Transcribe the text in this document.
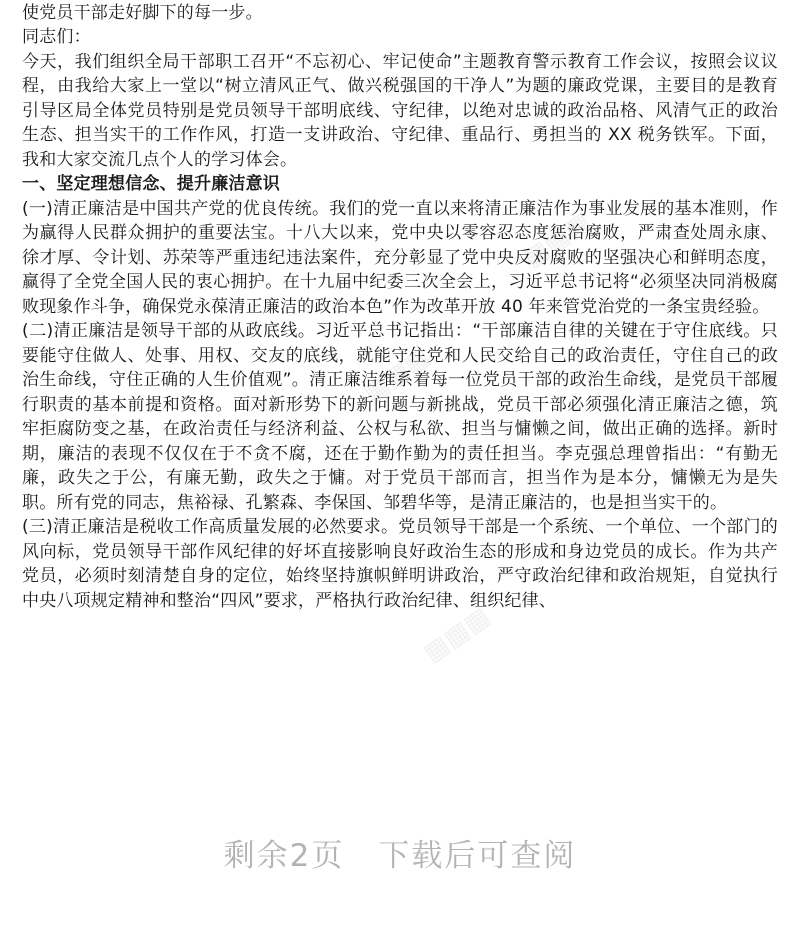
使党员干部走好脚下的每一步。

同志们：

今天，我们组织全局干部职工召开“不忘初心、牢记使命”主题教育警示教育工作会议，按照会议议程，由我给大家上一堂以“树立清风正气、做兴税强国的干净人”为题的廉政党课，主要目的是教育引导区局全体党员特别是党员领导干部明底线、守纪律，以绝对忠诚的政治品格、风清气正的政治生态、担当实干的工作作风，打造一支讲政治、守纪律、重品行、勇担当的 XX 税务铁军。下面，我和大家交流几点个人的学习体会。

一、坚定理想信念、提升廉洁意识

(一)清正廉洁是中国共产党的优良传统。我们的党一直以来将清正廉洁作为事业发展的基本准则，作为赢得人民群众拥护的重要法宝。十八大以来，党中央以零容忍态度惩治腐败，严肃查处周永康、徐才厚、令计划、苏荣等严重违纪违法案件，充分彰显了党中央反对腐败的坚强决心和鲜明态度，赢得了全党全国人民的衷心拥护。在十九届中纪委三次全会上，习近平总书记将“必须坚决同消极腐败现象作斗争，确保党永葆清正廉洁的政治本色”作为改革开放 40 年来管党治党的一条宝贵经验。

(二)清正廉洁是领导干部的从政底线。习近平总书记指出：“干部廉洁自律的关键在于守住底线。只要能守住做人、处事、用权、交友的底线，就能守住党和人民交给自己的政治责任，守住自己的政治生命线，守住正确的人生价值观”。清正廉洁维系着每一位党员干部的政治生命线，是党员干部履行职责的基本前提和资格。面对新形势下的新问题与新挑战，党员干部必须强化清正廉洁之德，筑牢拒腐防变之基，在政治责任与经济利益、公权与私欲、担当与慵懒之间，做出正确的选择。新时期，廉洁的表现不仅仅在于不贪不腐，还在于勤作勤为的责任担当。李克强总理曾指出：“有勤无廉，政失之于公，有廉无勤，政失之于慵。对于党员干部而言，担当作为是本分，慵懒无为是失职。所有党的同志，焦裕禄、孔繁森、李保国、邹碧华等，是清正廉洁的，也是担当实干的。

(三)清正廉洁是税收工作高质量发展的必然要求。党员领导干部是一个系统、一个单位、一个部门的风向标，党员领导干部作风纪律的好坏直接影响良好政治生态的形成和身边党员的成长。作为共产党员，必须时刻清楚自身的定位，始终坚持旗帜鲜明讲政治，严守政治纪律和政治规矩，自觉执行中央八项规定精神和整治“四风”要求，严格执行政治纪律、组织纪律、

▦▦▦
▦▦▦
▦▦▦
剩余2页 下载后可查阅
